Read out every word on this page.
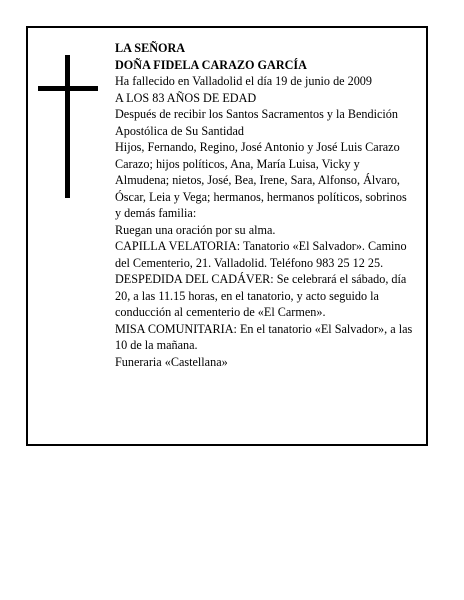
LA SEÑORA

DOÑA FIDELA CARAZO GARCÍA

Ha fallecido en Valladolid el día 19 de junio de 2009

A LOS 83 AÑOS DE EDAD

Después de recibir los Santos Sacramentos y la Bendición Apostólica de Su Santidad

Hijos, Fernando, Regino, José Antonio y José Luis Carazo Carazo; hijos políticos, Ana, María Luisa, Vicky y Almudena; nietos, José, Bea, Irene, Sara, Alfonso, Álvaro, Óscar, Leia y Vega; hermanos, hermanos políticos, sobrinos y demás familia:

Ruegan una oración por su alma.

CAPILLA VELATORIA: Tanatorio «El Salvador». Camino del Cementerio, 21. Valladolid. Teléfono 983 25 12 25.

DESPEDIDA DEL CADÁVER: Se celebrará el sábado, día 20, a las 11.15 horas, en el tanatorio, y acto seguido la conducción al cementerio de «El Carmen».

MISA COMUNITARIA: En el tanatorio «El Salvador», a las 10 de la mañana.

Funeraria «Castellana»
